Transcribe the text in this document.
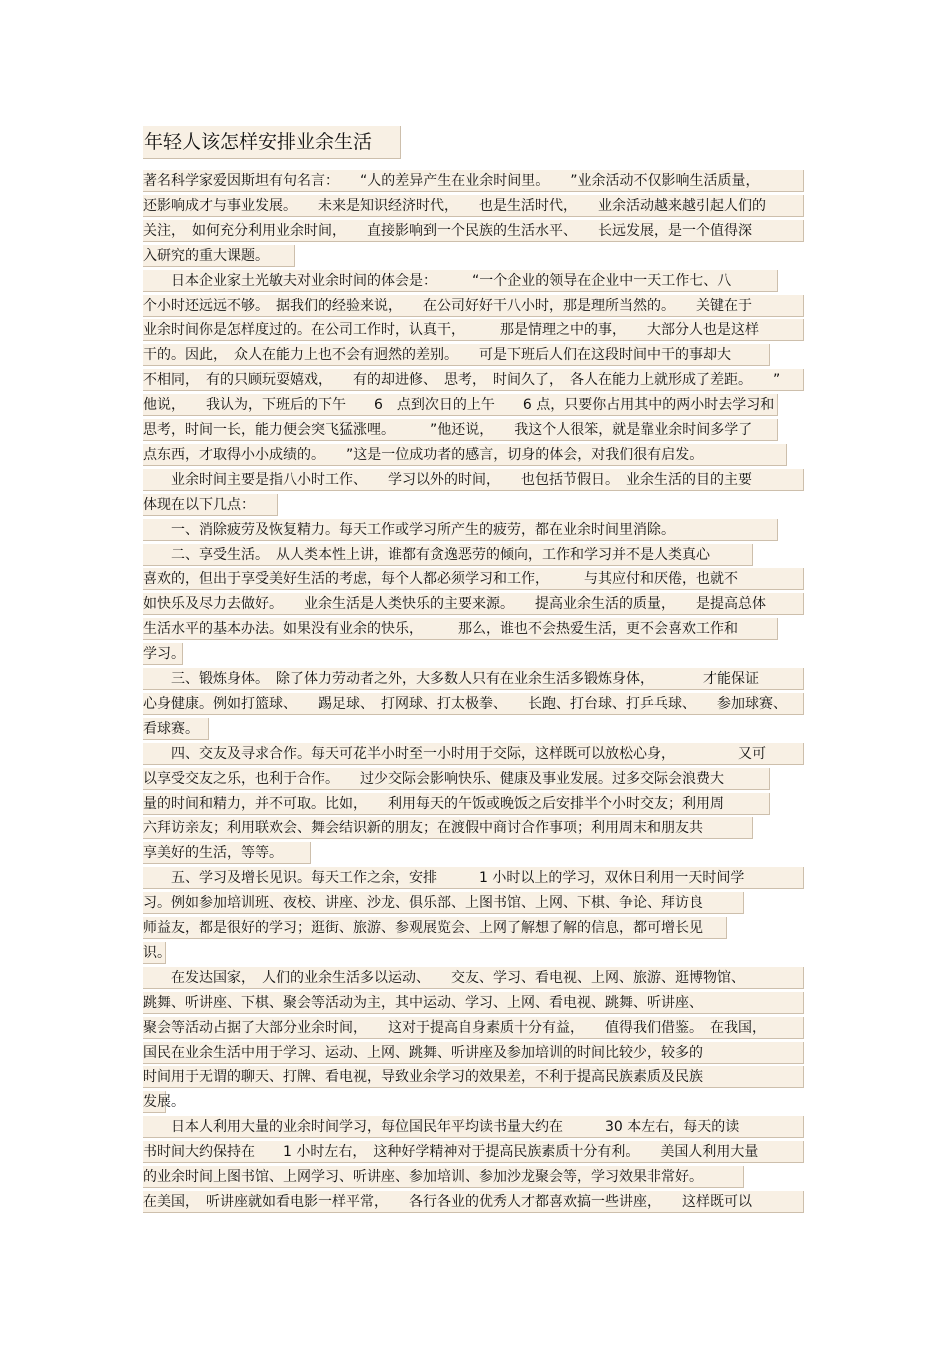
年轻人该怎样安排业余生活
著名科学家爱因斯坦有句名言：　　“人的差异产生在业余时间里。　　”业余活动不仅影响生活质量，
还影响成才与事业发展。　　未来是知识经济时代，　　也是生活时代，　　业余活动越来越引起人们的
关注，　如何充分利用业余时间，　　直接影响到一个民族的生活水平、　　长远发展，是一个值得深
入研究的重大课题。
　　日本企业家土光敏夫对业余时间的体会是：　　　“一个企业的领导在企业中一天工作七、八
个小时还远远不够。　据我们的经验来说，　　在公司好好干八小时，那是理所当然的。　　关键在于
业余时间你是怎样度过的。在公司工作时，认真干，　　　那是情理之中的事，　　大部分人也是这样
干的。因此，　众人在能力上也不会有迥然的差别。　　可是下班后人们在这段时间中干的事却大
不相同，　有的只顾玩耍嬉戏，　　有的却进修、　思考，　时间久了，　各人在能力上就形成了差距。　　”
他说，　　我认为，下班后的下午　　6　点到次日的上午　　6 点，只要你占用其中的两小时去学习和
思考，时间一长，能力便会突飞猛涨哩。　　　”他还说，　　我这个人很笨，就是靠业余时间多学了
点东西，才取得小小成绩的。　　”这是一位成功者的感言，切身的体会，对我们很有启发。
　　业余时间主要是指八小时工作、　　学习以外的时间，　　也包括节假日。　业余生活的目的主要
体现在以下几点：
　　一、消除疲劳及恢复精力。每天工作或学习所产生的疲劳，都在业余时间里消除。
　　二、享受生活。　从人类本性上讲，谁都有贪逸恶劳的倾向，工作和学习并不是人类真心
喜欢的，但出于享受美好生活的考虑，每个人都必须学习和工作，　　　与其应付和厌倦，也就不
如快乐及尽力去做好。　　业余生活是人类快乐的主要来源。　　提高业余生活的质量，　　是提高总体
生活水平的基本办法。如果没有业余的快乐，　　　那么，谁也不会热爱生活，更不会喜欢工作和
学习。
　　三、锻炼身体。　除了体力劳动者之外，大多数人只有在业余生活多锻炼身体，　　　　才能保证
心身健康。例如打篮球、　　踢足球、　打网球、打太极拳、　　长跑、打台球、打乒乓球、　　参加球赛、
看球赛。
　　四、交友及寻求合作。每天可花半小时至一小时用于交际，这样既可以放松心身，　　　　　又可
以享受交友之乐，也利于合作。　　过少交际会影响快乐、健康及事业发展。过多交际会浪费大
量的时间和精力，并不可取。比如，　　利用每天的午饭或晚饭之后安排半个小时交友；利用周
六拜访亲友；利用联欢会、舞会结识新的朋友；在渡假中商讨合作事项；利用周末和朋友共
享美好的生活，等等。
　　五、学习及增长见识。每天工作之余，安排　　　1 小时以上的学习，双休日利用一天时间学
习。例如参加培训班、夜校、讲座、沙龙、俱乐部、上图书馆、上网、下棋、争论、拜访良
师益友，都是很好的学习；逛街、旅游、参观展览会、上网了解想了解的信息，都可增长见
识。
　　在发达国家，　人们的业余生活多以运动、　　交友、学习、看电视、上网、旅游、逛博物馆、
跳舞、听讲座、下棋、聚会等活动为主，其中运动、学习、上网、看电视、跳舞、听讲座、
聚会等活动占据了大部分业余时间，　　这对于提高自身素质十分有益，　　值得我们借鉴。　在我国，
国民在业余生活中用于学习、运动、上网、跳舞、听讲座及参加培训的时间比较少，较多的
时间用于无谓的聊天、打牌、看电视，导致业余学习的效果差，不利于提高民族素质及民族
发展。
　　日本人利用大量的业余时间学习，每位国民年平均读书量大约在　　　30 本左右，每天的读
书时间大约保持在　　1 小时左右，　这种好学精神对于提高民族素质十分有利。　　美国人利用大量
的业余时间上图书馆、上网学习、听讲座、参加培训、参加沙龙聚会等，学习效果非常好。
在美国，　听讲座就如看电影一样平常，　　各行各业的优秀人才都喜欢搞一些讲座，　　这样既可以
